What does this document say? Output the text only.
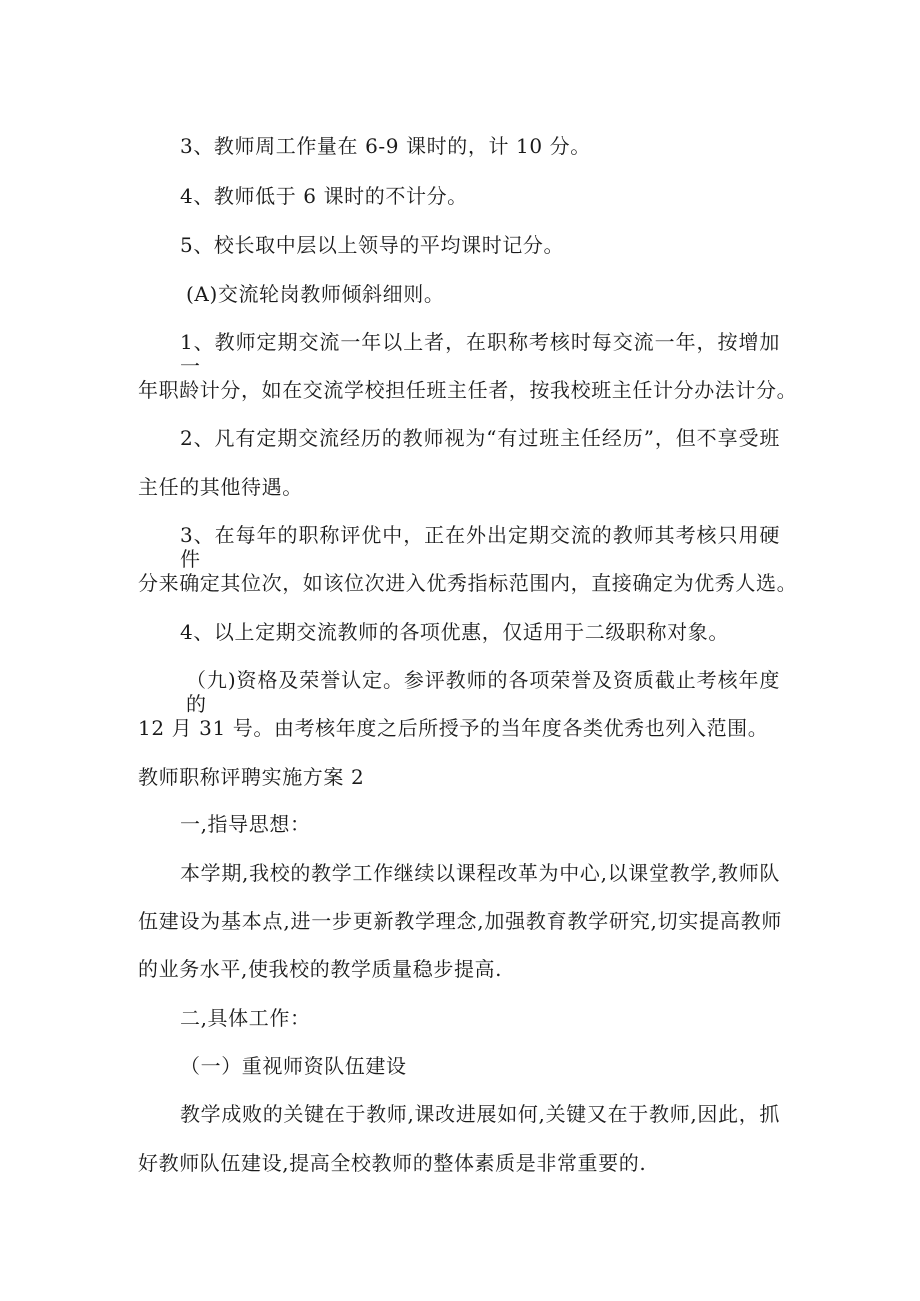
3、教师周工作量在 6-9 课时的，计 10 分。
4、教师低于 6 课时的不计分。
5、校长取中层以上领导的平均课时记分。
(A)交流轮岗教师倾斜细则。
1、教师定期交流一年以上者，在职称考核时每交流一年，按增加一
年职龄计分，如在交流学校担任班主任者，按我校班主任计分办法计分。
2、凡有定期交流经历的教师视为“有过班主任经历”，但不享受班
主任的其他待遇。
3、在每年的职称评优中，正在外出定期交流的教师其考核只用硬件
分来确定其位次，如该位次进入优秀指标范围内，直接确定为优秀人选。
4、以上定期交流教师的各项优惠，仅适用于二级职称对象。
（九)资格及荣誉认定。参评教师的各项荣誉及资质截止考核年度的
12 月 31 号。由考核年度之后所授予的当年度各类优秀也列入范围。
教师职称评聘实施方案 2
一,指导思想：
本学期,我校的教学工作继续以课程改革为中心,以课堂教学,教师队
伍建设为基本点,进一步更新教学理念,加强教育教学研究,切实提高教师
的业务水平,使我校的教学质量稳步提高.
二,具体工作：
（一）重视师资队伍建设
教学成败的关键在于教师,课改进展如何,关键又在于教师,因此，抓
好教师队伍建设,提高全校教师的整体素质是非常重要的.
